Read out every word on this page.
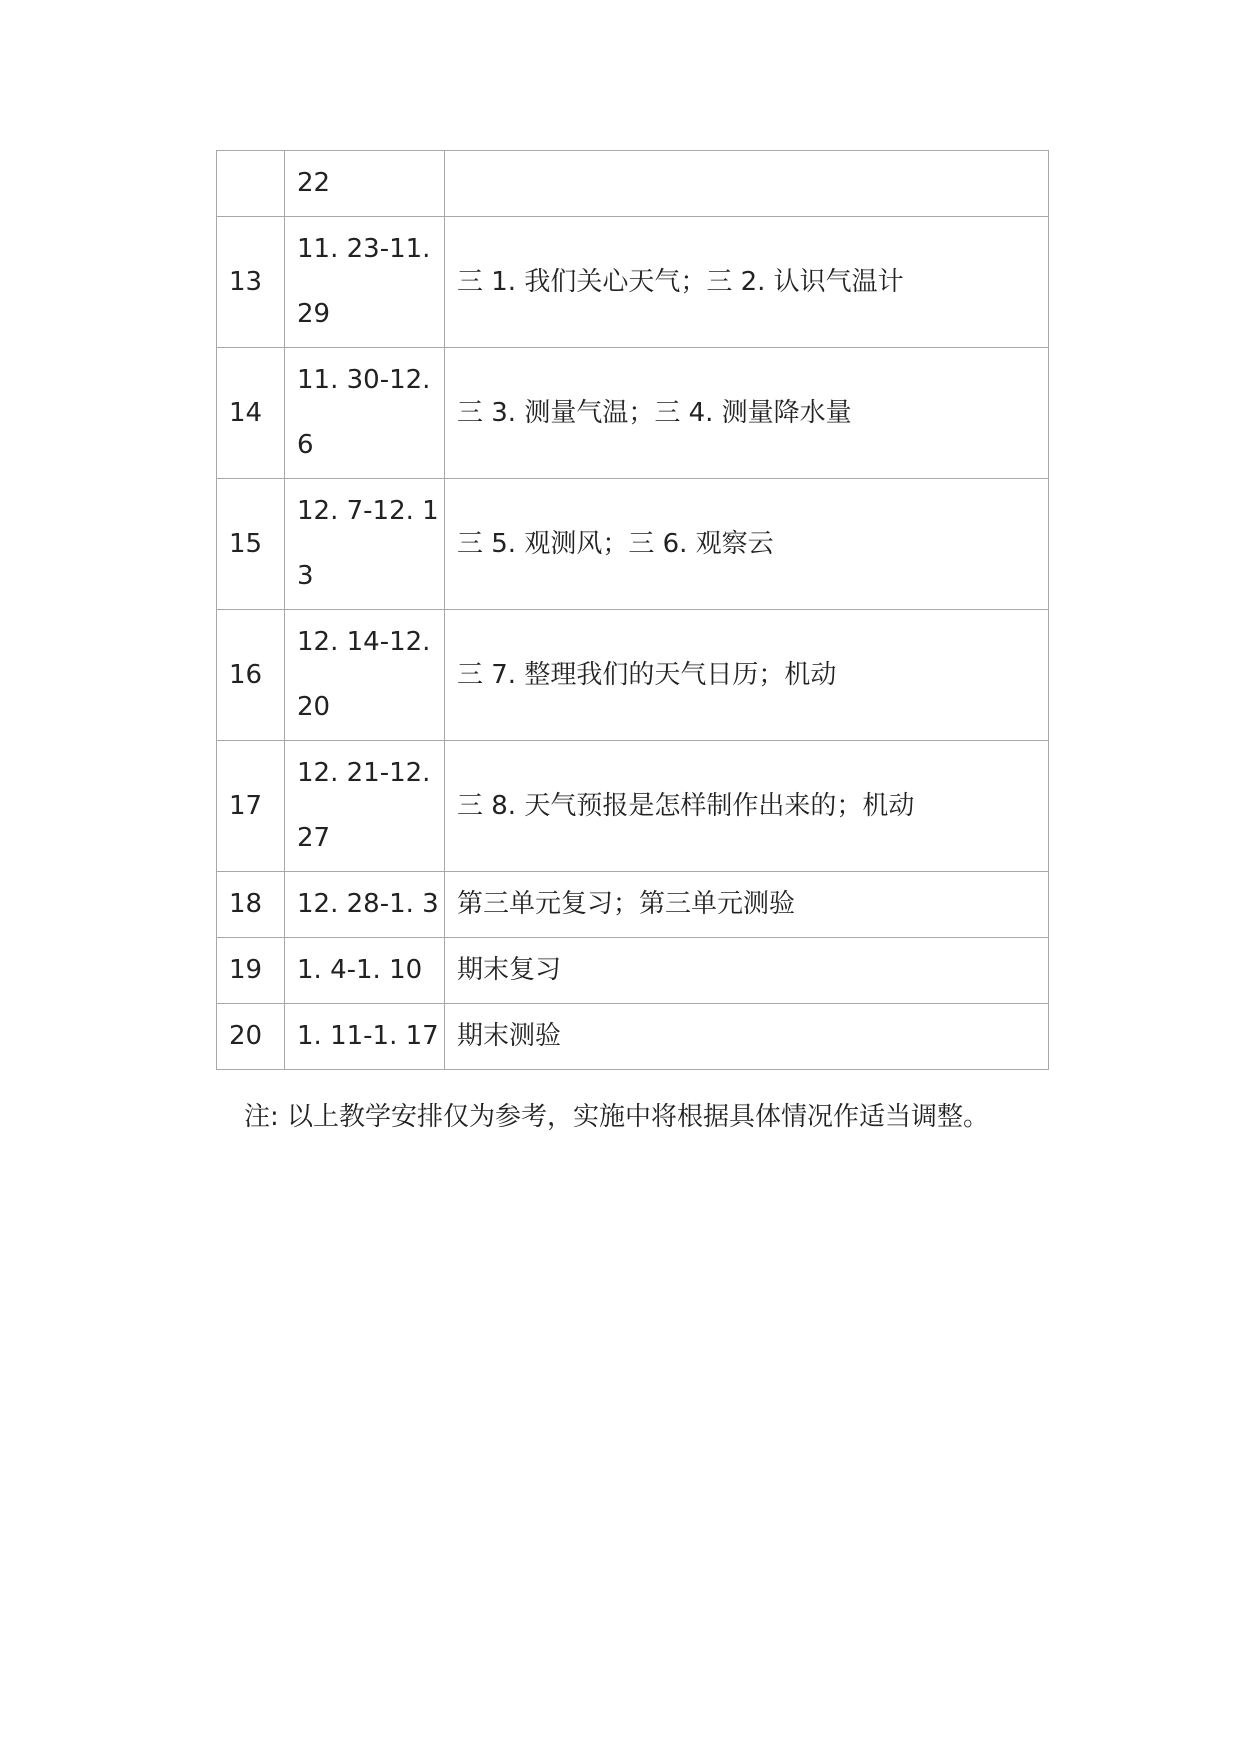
	22	
13	11. 23-11. 29	三 1. 我们关心天气；三 2. 认识气温计
14	11. 30-12. 6	三 3. 测量气温；三 4. 测量降水量
15	12. 7-12. 13	三 5. 观测风；三 6. 观察云
16	12. 14-12. 20	三 7. 整理我们的天气日历；机动
17	12. 21-12. 27	三 8. 天气预报是怎样制作出来的；机动
18	12. 28-1. 3	第三单元复习；第三单元测验
19	1. 4-1. 10	期末复习
20	1. 11-1. 17	期末测验
注: 以上教学安排仅为参考，实施中将根据具体情况作适当调整。
